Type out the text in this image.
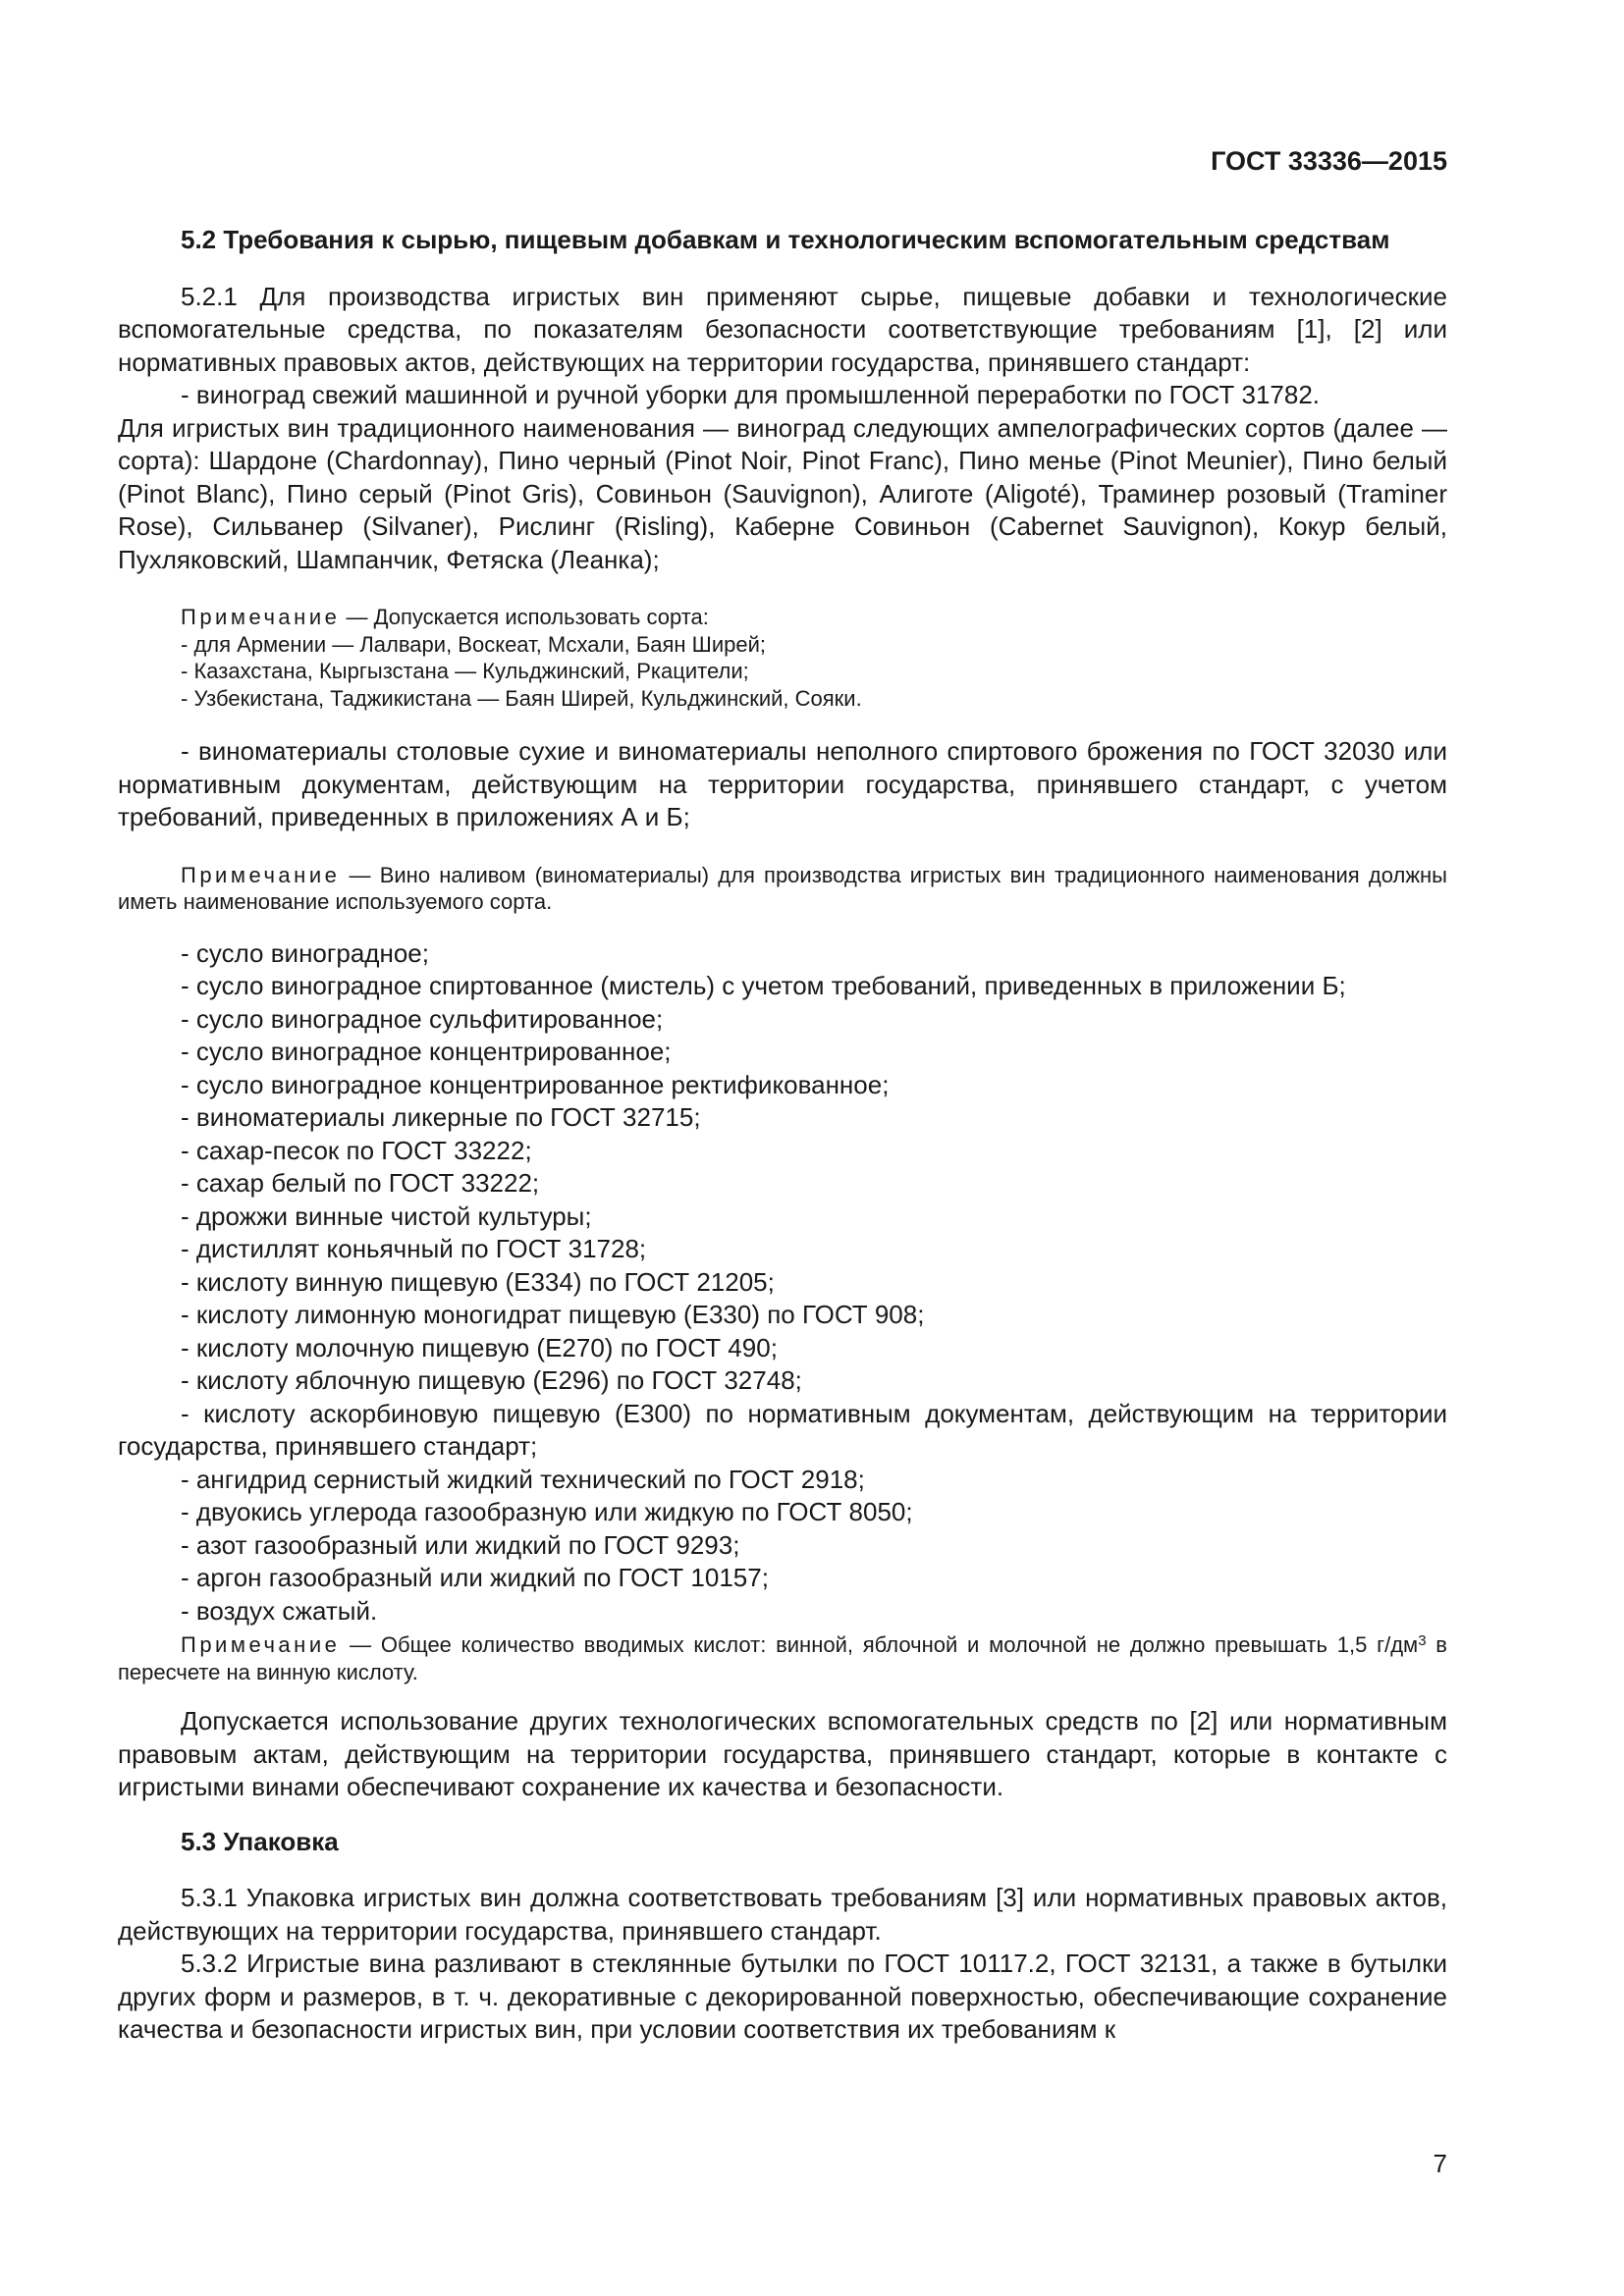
ГОСТ 33336—2015

5.2 Требования к сырью, пищевым добавкам и технологическим вспомогательным средствам

5.2.1 Для производства игристых вин применяют сырье, пищевые добавки и технологические вспомогательные средства, по показателям безопасности соответствующие требованиям [1], [2] или нормативных правовых актов, действующих на территории государства, принявшего стандарт:

- виноград свежий машинной и ручной уборки для промышленной переработки по ГОСТ 31782.

Для игристых вин традиционного наименования — виноград следующих ампелографических сортов (далее — сорта): Шардоне (Chardonnay), Пино черный (Pinot Noir, Pinot Franc), Пино менье (Pinot Meunier), Пино белый (Pinot Blanc), Пино серый (Pinot Gris), Совиньон (Sauvignon), Алиготе (Aligoté), Траминер розовый (Traminer Rose), Сильванер (Silvaner), Рислинг (Risling), Каберне Совиньон (Cabernet Sauvignon), Кокур белый, Пухляковский, Шампанчик, Фетяска (Леанка);

Примечание — Допускается использовать сорта:

- для Армении — Лалвари, Воскеат, Мсхали, Баян Ширей;

- Казахстана, Кыргызстана — Кульджинский, Ркацители;

- Узбекистана, Таджикистана — Баян Ширей, Кульджинский, Сояки.

- виноматериалы столовые сухие и виноматериалы неполного спиртового брожения по ГОСТ 32030 или нормативным документам, действующим на территории государства, принявшего стандарт, с учетом требований, приведенных в приложениях А и Б;

Примечание — Вино наливом (виноматериалы) для производства игристых вин традиционного наименования должны иметь наименование используемого сорта.

- сусло виноградное;

- сусло виноградное спиртованное (мистель) с учетом требований, приведенных в приложении Б;

- сусло виноградное сульфитированное;

- сусло виноградное концентрированное;

- сусло виноградное концентрированное ректификованное;

- виноматериалы ликерные по ГОСТ 32715;

- сахар-песок по ГОСТ 33222;

- сахар белый по ГОСТ 33222;

- дрожжи винные чистой культуры;

- дистиллят коньячный по ГОСТ 31728;

- кислоту винную пищевую (Е334) по ГОСТ 21205;

- кислоту лимонную моногидрат пищевую (Е330) по ГОСТ 908;

- кислоту молочную пищевую (Е270) по ГОСТ 490;

- кислоту яблочную пищевую (Е296) по ГОСТ 32748;

- кислоту аскорбиновую пищевую (Е300) по нормативным документам, действующим на территории государства, принявшего стандарт;

- ангидрид сернистый жидкий технический по ГОСТ 2918;

- двуокись углерода газообразную или жидкую по ГОСТ 8050;

- азот газообразный или жидкий по ГОСТ 9293;

- аргон газообразный или жидкий по ГОСТ 10157;

- воздух сжатый.

Примечание — Общее количество вводимых кислот: винной, яблочной и молочной не должно превышать 1,5 $г/дм^3$ в пересчете на винную кислоту.

Допускается использование других технологических вспомогательных средств по [2] или нормативным правовым актам, действующим на территории государства, принявшего стандарт, которые в контакте с игристыми винами обеспечивают сохранение их качества и безопасности.

5.3 Упаковка

5.3.1 Упаковка игристых вин должна соответствовать требованиям [3] или нормативных правовых актов, действующих на территории государства, принявшего стандарт.

5.3.2 Игристые вина разливают в стеклянные бутылки по ГОСТ 10117.2, ГОСТ 32131, а также в бутылки других форм и размеров, в т. ч. декоративные с декорированной поверхностью, обеспечивающие сохранение качества и безопасности игристых вин, при условии соответствия их требованиям к

7
